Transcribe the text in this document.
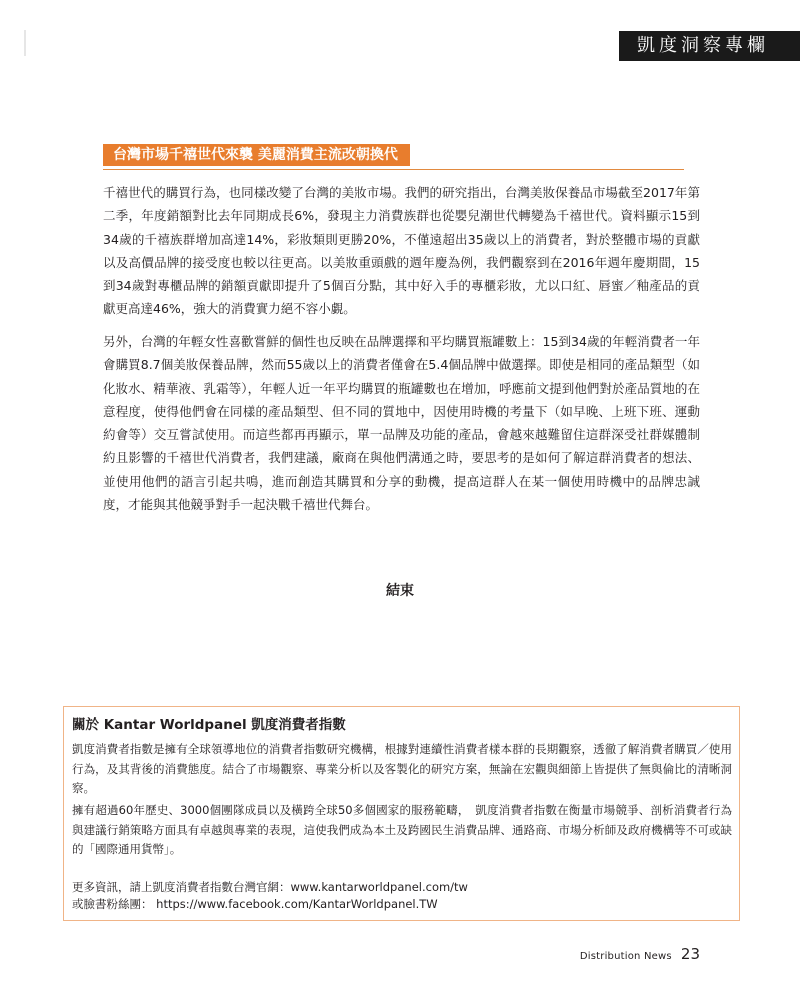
凱度洞察專欄
台灣市場千禧世代來襲 美麗消費主流改朝換代

千禧世代的購買行為，也同樣改變了台灣的美妝市場。我們的研究指出，台灣美妝保養品市場截至2017年第二季，年度銷額對比去年同期成長6%，發現主力消費族群也從嬰兒潮世代轉變為千禧世代。資料顯示15到34歲的千禧族群增加高達14%，彩妝類則更勝20%，不僅遠超出35歲以上的消費者，對於整體市場的貢獻以及高價品牌的接受度也較以往更高。以美妝重頭戲的週年慶為例，我們觀察到在2016年週年慶期間，15到34歲對專櫃品牌的銷額貢獻即提升了5個百分點，其中好入手的專櫃彩妝，尤以口紅、唇蜜／釉產品的貢獻更高達46%，強大的消費實力絕不容小覷。

另外，台灣的年輕女性喜歡嘗鮮的個性也反映在品牌選擇和平均購買瓶罐數上：15到34歲的年輕消費者一年會購買8.7個美妝保養品牌，然而55歲以上的消費者僅會在5.4個品牌中做選擇。即使是相同的產品類型（如化妝水、精華液、乳霜等），年輕人近一年平均購買的瓶罐數也在增加，呼應前文提到他們對於產品質地的在意程度，使得他們會在同樣的產品類型、但不同的質地中，因使用時機的考量下（如早晚、上班下班、運動約會等）交互嘗試使用。而這些都再再顯示，單一品牌及功能的產品，會越來越難留住這群深受社群媒體制約且影響的千禧世代消費者，我們建議，廠商在與他們溝通之時，要思考的是如何了解這群消費者的想法、並使用他們的語言引起共鳴，進而創造其購買和分享的動機，提高這群人在某一個使用時機中的品牌忠誠度，才能與其他競爭對手一起決戰千禧世代舞台。

結束
關於 Kantar Worldpanel 凱度消費者指數

凱度消費者指數是擁有全球領導地位的消費者指數研究機構，根據對連續性消費者樣本群的長期觀察，透徹了解消費者購買／使用行為，及其背後的消費態度。結合了市場觀察、專業分析以及客製化的研究方案，無論在宏觀與細節上皆提供了無與倫比的清晰洞察。

擁有超過60年歷史、3000個團隊成員以及橫跨全球50多個國家的服務範疇，　凱度消費者指數在衡量市場競爭、剖析消費者行為與建議行銷策略方面具有卓越與專業的表現，這使我們成為本土及跨國民生消費品牌、通路商、市場分析師及政府機構等不可或缺的「國際通用貨幣」。

更多資訊，請上凱度消費者指數台灣官網：www.kantarworldpanel.com/tw
或臉書粉絲團： https://www.facebook.com/KantarWorldpanel.TW
Distribution News 23
